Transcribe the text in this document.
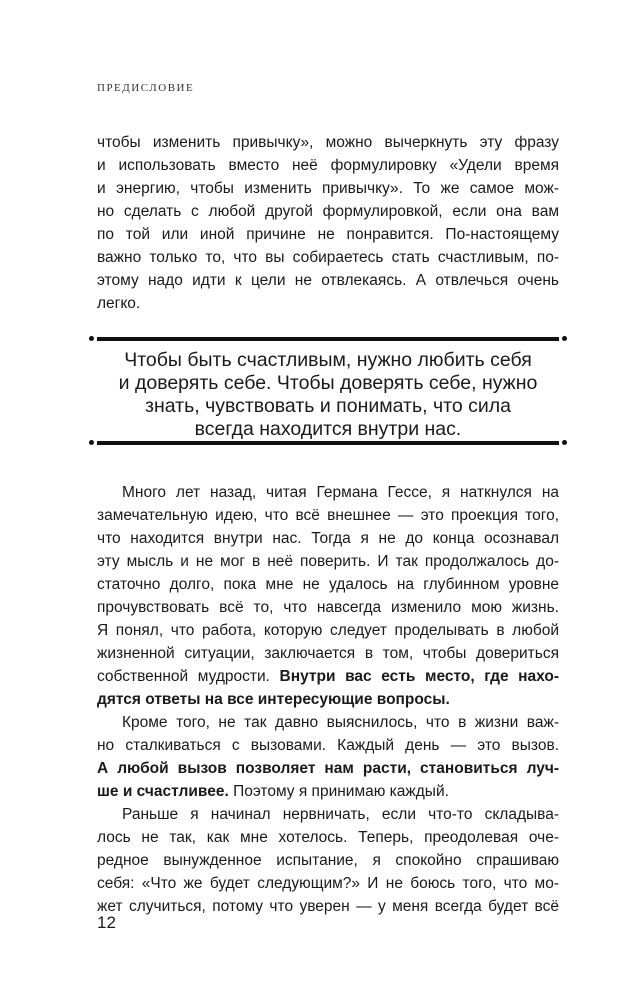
ПРЕДИСЛОВИЕ

чтобы изменить привычку», можно вычеркнуть эту фразу
и использовать вместо неё формулировку «Удели время
и энергию, чтобы изменить привычку». То же самое мож-
но сделать с любой другой формулировкой, если она вам
по той или иной причине не понравится. По-настоящему
важно только то, что вы собираетесь стать счастливым, по-
этому надо идти к цели не отвлекаясь. А отвлечься очень
легко.

Чтобы быть счастливым, нужно любить себя
и доверять себе. Чтобы доверять себе, нужно
знать, чувствовать и понимать, что сила
всегда находится внутри нас.

Много лет назад, читая Германа Гессе, я наткнулся на
замечательную идею, что всё внешнее — это проекция того,
что находится внутри нас. Тогда я не до конца осознавал
эту мысль и не мог в неё поверить. И так продолжалось до-
статочно долго, пока мне не удалось на глубинном уровне
прочувствовать всё то, что навсегда изменило мою жизнь.
Я понял, что работа, которую следует проделывать в любой
жизненной ситуации, заключается в том, чтобы довериться
собственной мудрости. Внутри вас есть место, где нахо-
дятся ответы на все интересующие вопросы.

Кроме того, не так давно выяснилось, что в жизни важ-
но сталкиваться с вызовами. Каждый день — это вызов.
А любой вызов позволяет нам расти, становиться луч-
ше и счастливее. Поэтому я принимаю каждый.

Раньше я начинал нервничать, если что-то складыва-
лось не так, как мне хотелось. Теперь, преодолевая оче-
редное вынужденное испытание, я спокойно спрашиваю
себя: «Что же будет следующим?» И не боюсь того, что мо-
жет случиться, потому что уверен — у меня всегда будет всё

12
